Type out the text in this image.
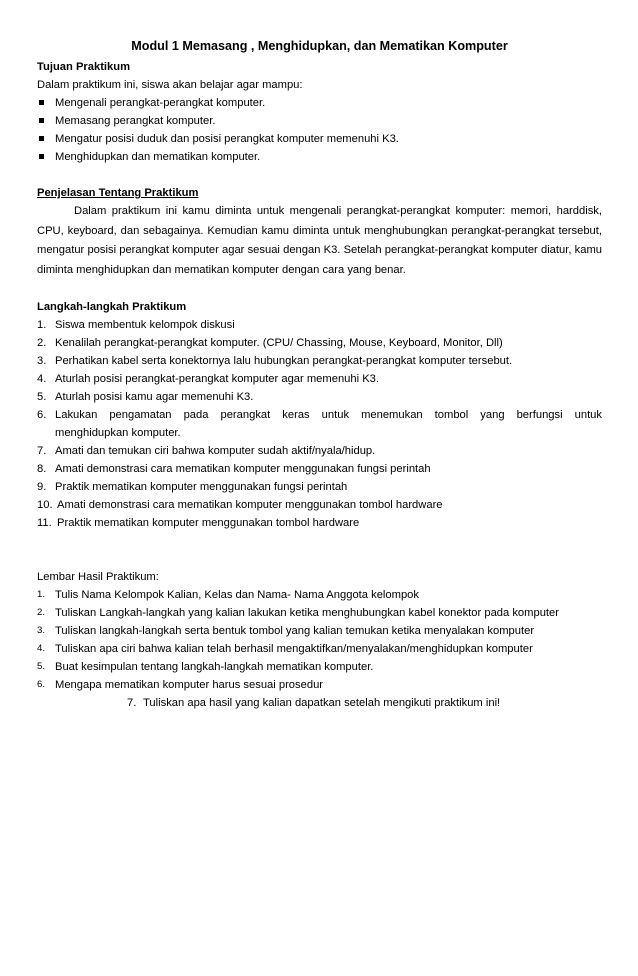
Modul 1 Memasang , Menghidupkan, dan Mematikan Komputer
Tujuan Praktikum
Dalam praktikum ini, siswa akan belajar agar mampu:
Mengenali perangkat-perangkat komputer.
Memasang perangkat komputer.
Mengatur posisi duduk dan posisi perangkat komputer memenuhi K3.
Menghidupkan dan mematikan komputer.
Penjelasan Tentang Praktikum

Dalam praktikum ini kamu diminta untuk mengenali perangkat-perangkat komputer: memori, harddisk, CPU, keyboard, dan sebagainya. Kemudian kamu diminta untuk menghubungkan perangkat-perangkat tersebut, mengatur posisi perangkat komputer agar sesuai dengan K3. Setelah perangkat-perangkat komputer diatur, kamu diminta menghidupkan dan mematikan komputer dengan cara yang benar.

Langkah-langkah Praktikum
1. Siswa membentuk kelompok diskusi
2. Kenalilah perangkat-perangkat komputer. (CPU/ Chassing, Mouse, Keyboard, Monitor, Dll)
3. Perhatikan kabel serta konektornya lalu hubungkan perangkat-perangkat komputer tersebut.
4. Aturlah posisi perangkat-perangkat komputer agar memenuhi K3.
5. Aturlah posisi kamu agar memenuhi K3.
6. Lakukan pengamatan pada perangkat keras untuk menemukan tombol yang berfungsi untuk
menghidupkan komputer.
7. Amati dan temukan ciri bahwa komputer sudah aktif/nyala/hidup.
8. Amati demonstrasi cara mematikan komputer menggunakan fungsi perintah
9. Praktik mematikan komputer menggunakan fungsi perintah
10. Amati demonstrasi cara mematikan komputer menggunakan tombol hardware
11. Praktik mematikan komputer menggunakan tombol hardware
Lembar Hasil Praktikum:
1. Tulis Nama Kelompok Kalian, Kelas dan Nama- Nama Anggota kelompok
2. Tuliskan Langkah-langkah yang kalian lakukan ketika menghubungkan kabel konektor pada komputer
3. Tuliskan langkah-langkah serta bentuk tombol yang kalian temukan ketika menyalakan komputer
4. Tuliskan apa ciri bahwa kalian telah berhasil mengaktifkan/menyalakan/menghidupkan komputer
5. Buat kesimpulan tentang langkah-langkah mematikan komputer.
6. Mengapa mematikan komputer harus sesuai prosedur
7. Tuliskan apa hasil yang kalian dapatkan setelah mengikuti praktikum ini!
